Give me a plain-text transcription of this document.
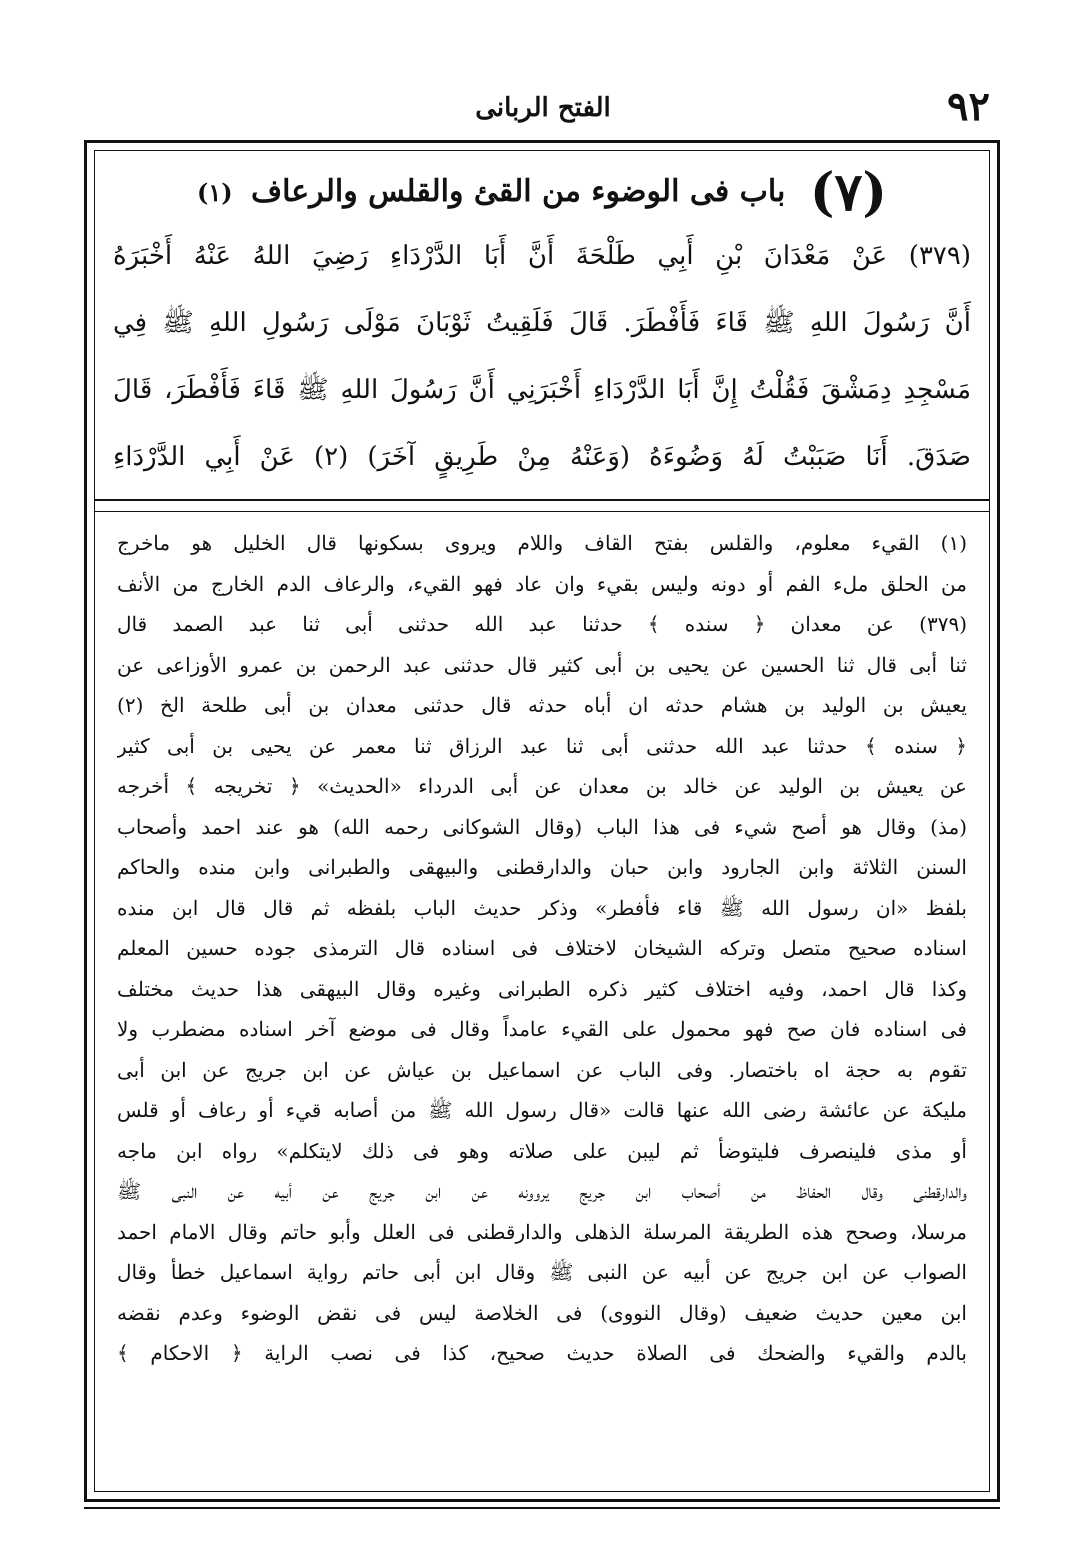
٩٢
الفتح الربانى
(٧) باب فى الوضوء من القئ والقلس والرعاف (١)
(٣٧٩) عَنْ مَعْدَانَ بْنِ أَبِي طَلْحَةَ أَنَّ أَبَا الدَّرْدَاءِ رَضِيَ اللهُ عَنْهُ أَخْبَرَهُ
أَنَّ رَسُولَ اللهِ ﷺ قَاءَ فَأَفْطَرَ. قَالَ فَلَقِيتُ ثَوْبَانَ مَوْلَى رَسُولِ اللهِ ﷺ فِي
مَسْجِدِ دِمَشْقَ فَقُلْتُ إِنَّ أَبَا الدَّرْدَاءِ أَخْبَرَنِي أَنَّ رَسُولَ اللهِ ﷺ قَاءَ فَأَفْطَرَ، قَالَ
صَدَقَ. أَنَا صَبَبْتُ لَهُ وَضُوءَهُ (وَعَنْهُ مِنْ طَرِيقٍ آخَرَ) (٢) عَنْ أَبِي الدَّرْدَاءِ
(١) القيء معلوم، والقلس بفتح القاف واللام ويروى بسكونها قال الخليل هو ماخرج
من الحلق ملء الفم أو دونه وليس بقيء وان عاد فهو القيء، والرعاف الدم الخارج من الأنف
(٣٧٩) عن معدان ﴿ سنده ﴾ حدثنا عبد الله حدثنى أبى ثنا عبد الصمد قال
ثنا أبى قال ثنا الحسين عن يحيى بن أبى كثير قال حدثنى عبد الرحمن بن عمرو الأوزاعى عن
يعيش بن الوليد بن هشام حدثه ان أباه حدثه قال حدثنى معدان بن أبى طلحة الخ (٢)
﴿ سنده ﴾ حدثنا عبد الله حدثنى أبى ثنا عبد الرزاق ثنا معمر عن يحيى بن أبى كثير
عن يعيش بن الوليد عن خالد بن معدان عن أبى الدرداء «الحديث» ﴿ تخريجه ﴾ أخرجه
(مذ) وقال هو أصح شيء فى هذا الباب (وقال الشوكانى رحمه الله) هو عند احمد وأصحاب
السنن الثلاثة وابن الجارود وابن حبان والدارقطنى والبيهقى والطبرانى وابن منده والحاكم
بلفظ «ان رسول الله ﷺ قاء فأفطر» وذكر حديث الباب بلفظه ثم قال قال ابن منده
اسناده صحيح متصل وتركه الشيخان لاختلاف فى اسناده قال الترمذى جوده حسين المعلم
وكذا قال احمد، وفيه اختلاف كثير ذكره الطبرانى وغيره وقال البيهقى هذا حديث مختلف
فى اسناده فان صح فهو محمول على القيء عامداً وقال فى موضع آخر اسناده مضطرب ولا
تقوم به حجة اه باختصار. وفى الباب عن اسماعيل بن عياش عن ابن جريج عن ابن أبى
مليكة عن عائشة رضى الله عنها قالت «قال رسول الله ﷺ من أصابه قيء أو رعاف أو قلس
أو مذى فلينصرف فليتوضأ ثم ليبن على صلاته وهو فى ذلك لايتكلم» رواه ابن ماجه
والدارقطنى وقال الحفاظ من أصحاب ابن جريج يروونه عن ابن جريج عن أبيه عن النبى ﷺ
مرسلا، وصحح هذه الطريقة المرسلة الذهلى والدارقطنى فى العلل وأبو حاتم وقال الامام احمد
الصواب عن ابن جريج عن أبيه عن النبى ﷺ وقال ابن أبى حاتم رواية اسماعيل خطأ وقال
ابن معين حديث ضعيف (وقال النووى) فى الخلاصة ليس فى نقض الوضوء وعدم نقضه
بالدم والقيء والضحك فى الصلاة حديث صحيح، كذا فى نصب الراية ﴿ الاحكام ﴾
